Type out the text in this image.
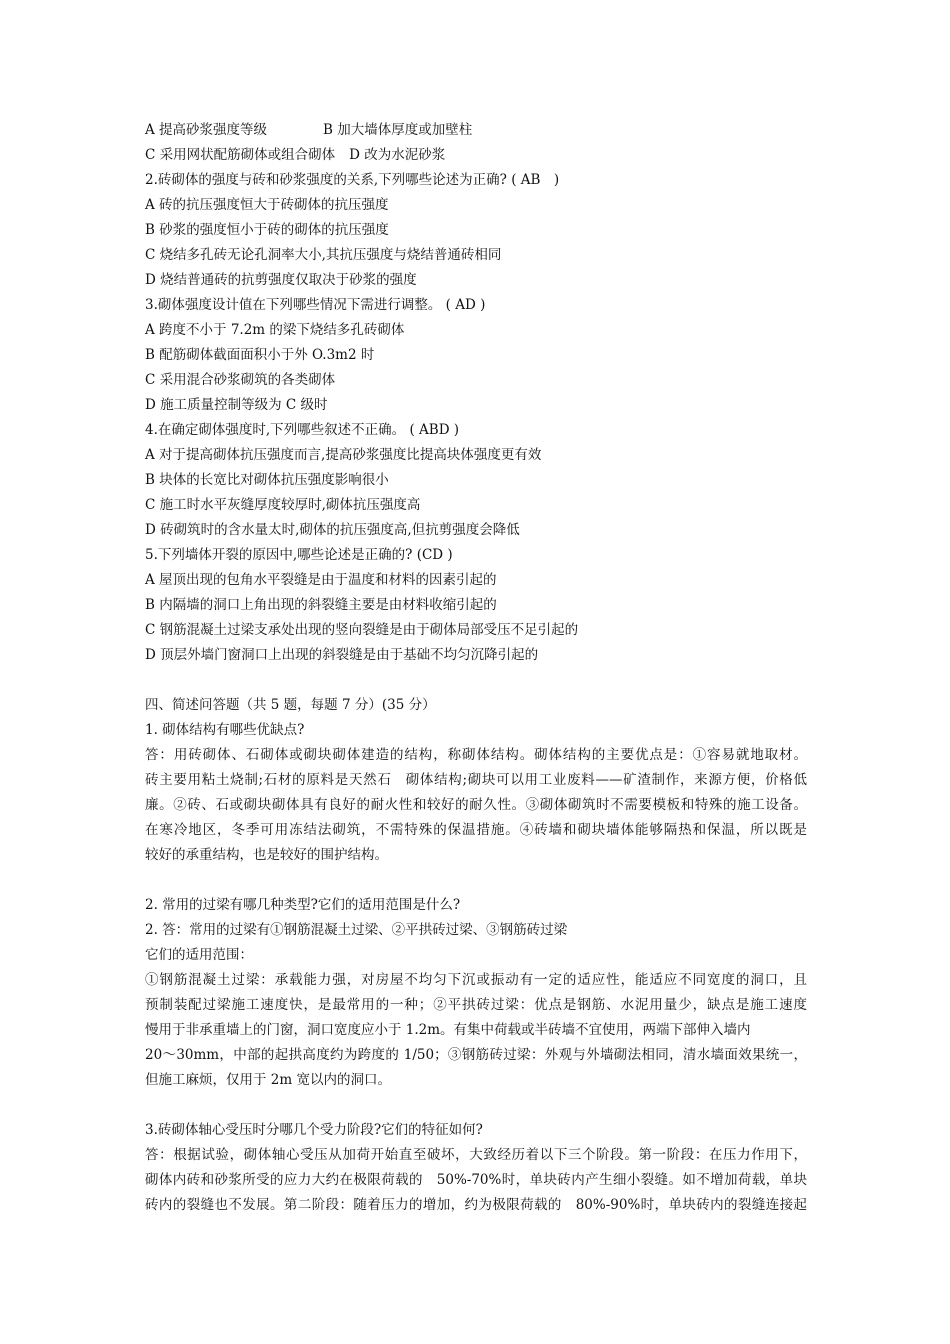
A 提高砂浆强度等级	B 加大墙体厚度或加壁柱
C 采用网状配筋砌体或组合砌体 D 改为水泥砂浆
2.砖砌体的强度与砖和砂浆强度的关系,下列哪些论述为正确? ( AB　)
A 砖的抗压强度恒大于砖砌体的抗压强度
B 砂浆的强度恒小于砖的砌体的抗压强度
C 烧结多孔砖无论孔洞率大小,其抗压强度与烧结普通砖相同
D 烧结普通砖的抗剪强度仅取决于砂浆的强度
3.砌体强度设计值在下列哪些情况下需进行调整。 ( AD )
A 跨度不小于 7.2m 的梁下烧结多孔砖砌体
B 配筋砌体截面面积小于外 O.3m2 时
C 采用混合砂浆砌筑的各类砌体
D 施工质量控制等级为 C 级时
4.在确定砌体强度时,下列哪些叙述不正确。 ( ABD )
A 对于提高砌体抗压强度而言,提高砂浆强度比提高块体强度更有效
B 块体的长宽比对砌体抗压强度影响很小
C 施工时水平灰缝厚度较厚时,砌体抗压强度高
D 砖砌筑时的含水量太时,砌体的抗压强度高,但抗剪强度会降低
5.下列墙体开裂的原因中,哪些论述是正确的? (CD )
A 屋顶出现的包角水平裂缝是由于温度和材料的因素引起的
B 内隔墙的洞口上角出现的斜裂缝主要是由材料收缩引起的
C 钢筋混凝土过梁支承处出现的竖向裂缝是由于砌体局部受压不足引起的
D 顶层外墙门窗洞口上出现的斜裂缝是由于基础不均匀沉降引起的
四、简述问答题（共 5 题，每题 7 分）(35 分）
1. 砌体结构有哪些优缺点?
答：用砖砌体、石砌体或砌块砌体建造的结构，称砌体结构。砌体结构的主要优点是：①容易就地取材。
砖主要用粘土烧制;石材的原料是天然石　砌体结构;砌块可以用工业废料——矿渣制作，来源方便，价格低
廉。②砖、石或砌块砌体具有良好的耐火性和较好的耐久性。③砌体砌筑时不需要模板和特殊的施工设备。
在寒冷地区，冬季可用冻结法砌筑，不需特殊的保温措施。④砖墙和砌块墙体能够隔热和保温，所以既是
较好的承重结构，也是较好的围护结构。
2. 常用的过梁有哪几种类型?它们的适用范围是什么?
2. 答：常用的过梁有①钢筋混凝土过梁、②平拱砖过梁、③钢筋砖过梁
它们的适用范围：
①钢筋混凝土过梁：承载能力强，对房屋不均匀下沉或振动有一定的适应性，能适应不同宽度的洞口，且
预制装配过梁施工速度快，是最常用的一种；②平拱砖过梁：优点是钢筋、水泥用量少，缺点是施工速度
慢用于非承重墙上的门窗，洞口宽度应小于 1.2m。有集中荷载或半砖墙不宜使用，两端下部伸入墙内
20～30mm，中部的起拱高度约为跨度的 1/50；③钢筋砖过梁：外观与外墙砌法相同，清水墙面效果统一，
但施工麻烦，仅用于 2m 宽以内的洞口。
3.砖砌体轴心受压时分哪几个受力阶段?它们的特征如何?
答：根据试验，砌体轴心受压从加荷开始直至破坏，大致经历着以下三个阶段。第一阶段：在压力作用下，
砌体内砖和砂浆所受的应力大约在极限荷载的　50%-70%时，单块砖内产生细小裂缝。如不增加荷载，单块
砖内的裂缝也不发展。第二阶段：随着压力的增加，约为极限荷载的　80%-90%时，单块砖内的裂缝连接起
